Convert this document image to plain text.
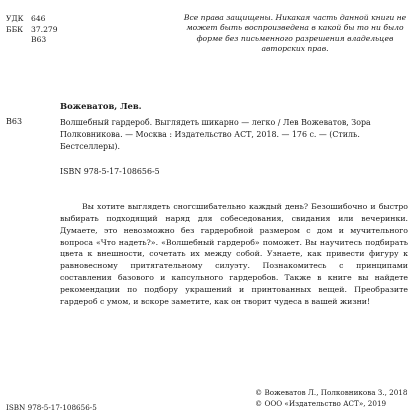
УДК 646
ББК	37.279
В63
Все права защищены. Никакая часть данной книги не может быть воспроизведена в какой бы то ни было форме без письменного разрешения владельцев авторских прав.
Вожеватов, Лев.
В63	Волшебный гардероб. Выглядеть шикарно — легко / Лев Вожеватов, Зора Полковникова. — Москва : Издательство АСТ, 2018. — 176 с. — (Стиль. Бестселлеры).
ISBN 978-5-17-108656-5

Вы хотите выглядеть сногсшибательно каждый день? Безошибочно и быстро выбирать подходящий наряд для собеседования, свидания или вечеринки. Думаете, это невозможно без гардеробной размером с дом и мучительного вопроса «Что надеть?». «Волшебный гардероб» поможет. Вы научитесь подбирать цвета к внешности, сочетать их между собой. Узнаете, как привести фигуру к равновесному притягательному силуэту. Познакомитесь с принципами составления базового и капсульного гардеробов. Также в книге вы найдете рекомендации по подбору украшений и принтованных вещей. Преобразите гардероб с умом, и вскоре заметите, как он творит чудеса в вашей жизни!

ISBN 978-5-17-108656-5
© Вожеватов Л., Полковникова З., 2018
© ООО «Издательство АСТ», 2019
